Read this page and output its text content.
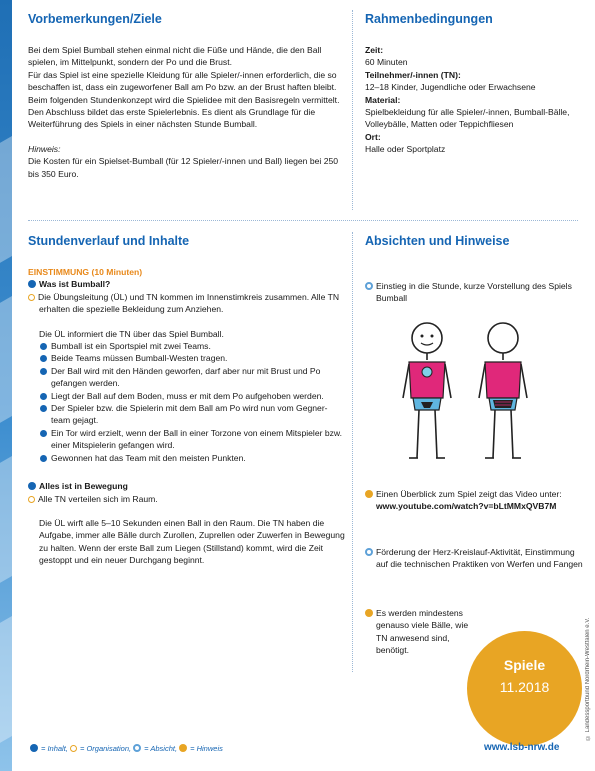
Vorbemerkungen/Ziele

Bei dem Spiel Bumball stehen einmal nicht die Füße und Hände, die den Ball spielen, im Mittelpunkt, sondern der Po und die Brust.

Für das Spiel ist eine spezielle Kleidung für alle Spieler/-innen erforderlich, die so beschaffen ist, dass ein zugeworfener Ball am Po bzw. an der Brust haften bleibt. Beim folgenden Stundenkonzept wird die Spielidee mit den Basisregeln vermittelt. Den Abschluss bildet das erste Spielerlebnis. Es dient als Grundlage für die Weiterführung des Spiels in einer nächsten Stunde Bumball.

Hinweis:

Die Kosten für ein Spielset-Bumball (für 12 Spieler/-innen und Ball) liegen bei 250 bis 350 Euro.

Rahmenbedingungen

Zeit:

60 Minuten

Teilnehmer/-innen (TN):

12–18 Kinder, Jugendliche oder Erwachsene

Material:

Spielbekleidung für alle Spieler/-innen, Bumball-Bälle, Volleybälle, Matten oder Teppichfliesen

Ort:

Halle oder Sportplatz

Stundenverlauf und Inhalte

EINSTIMMUNG (10 Minuten)

Was ist Bumball?

Die Übungsleitung (ÜL) und TN kommen im Innenstimkreis zusammen. Alle TN erhalten die spezielle Bekleidung zum Anziehen.

Die ÜL informiert die TN über das Spiel Bumball.

Bumball ist ein Sportspiel mit zwei Teams.
Beide Teams müssen Bumball-Westen tragen.
Der Ball wird mit den Händen geworfen, darf aber nur mit Brust und Po gefangen werden.
Liegt der Ball auf dem Boden, muss er mit dem Po aufgehoben werden.
Der Spieler bzw. die Spielerin mit dem Ball am Po wird nun vom Gegner-team gejagt.
Ein Tor wird erzielt, wenn der Ball in einer Torzone von einem Mitspieler bzw. einer Mitspielerin gefangen wird.
Gewonnen hat das Team mit den meisten Punkten.

Alles ist in Bewegung

Alle TN verteilen sich im Raum.

Die ÜL wirft alle 5–10 Sekunden einen Ball in den Raum. Die TN haben die Aufgabe, immer alle Bälle durch Zurollen, Zuprellen oder Zuwerfen in Bewegung zu halten. Wenn der erste Ball zum Liegen (Stillstand) kommt, wird die Zeit gestoppt und ein neuer Durchgang beginnt.

Absichten und Hinweise
Einstieg in die Stunde, kurze Vorstellung des Spiels Bumball
Einen Überblick zum Spiel zeigt das Video unter:
www.youtube.com/watch?v=bLtMMxQVB7M
Förderung der Herz-Kreislauf-Aktivität, Einstimmung auf die technischen Praktiken von Werfen und Fangen
Es werden mindestens genauso viele Bälle, wie TN anwesend sind, benötigt.
Spiele
11.2018	© Landessportbund Nordrhein-Westfalen e.V.
= Inhalt, = Organisation, = Absicht, = Hinweis	www.lsb-nrw.de
